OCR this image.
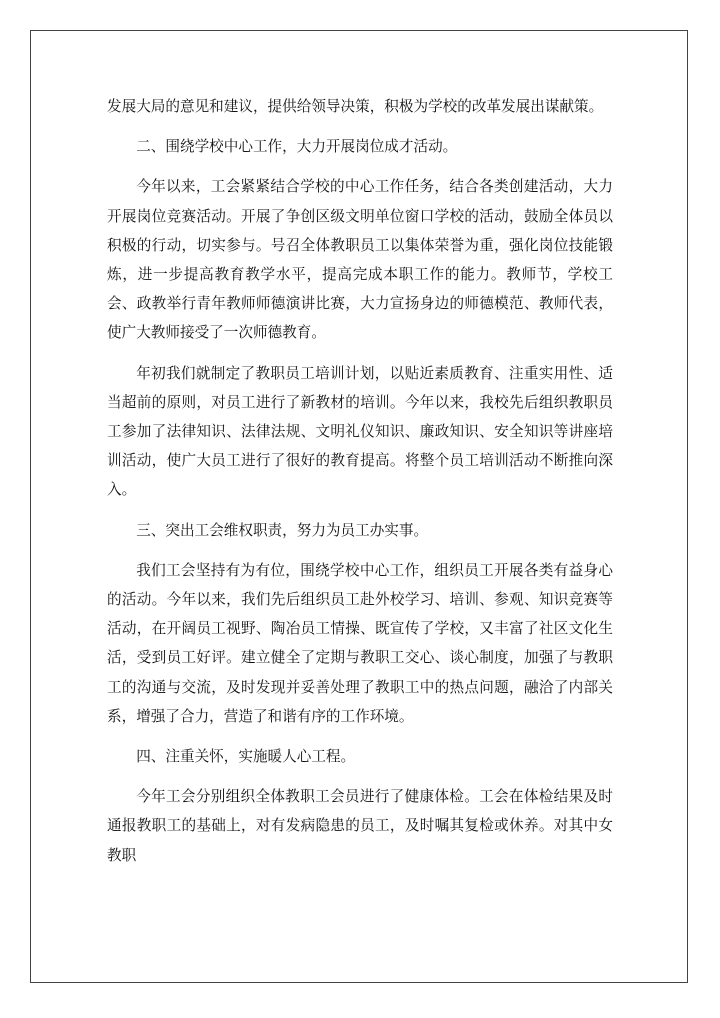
发展大局的意见和建议，提供给领导决策，积极为学校的改革发展出谋献策。

二、围绕学校中心工作，大力开展岗位成才活动。

今年以来，工会紧紧结合学校的中心工作任务，结合各类创建活动，大力开展岗位竞赛活动。开展了争创区级文明单位窗口学校的活动，鼓励全体员以积极的行动，切实参与。号召全体教职员工以集体荣誉为重，强化岗位技能锻炼，进一步提高教育教学水平，提高完成本职工作的能力。教师节，学校工会、政教举行青年教师师德演讲比赛，大力宣扬身边的师德模范、教师代表，使广大教师接受了一次师德教育。

年初我们就制定了教职员工培训计划，以贴近素质教育、注重实用性、适当超前的原则，对员工进行了新教材的培训。今年以来，我校先后组织教职员工参加了法律知识、法律法规、文明礼仪知识、廉政知识、安全知识等讲座培训活动，使广大员工进行了很好的教育提高。将整个员工培训活动不断推向深入。

三、突出工会维权职责，努力为员工办实事。

我们工会坚持有为有位，围绕学校中心工作，组织员工开展各类有益身心的活动。今年以来，我们先后组织员工赴外校学习、培训、参观、知识竞赛等活动，在开阔员工视野、陶冶员工情操、既宣传了学校，又丰富了社区文化生活，受到员工好评。建立健全了定期与教职工交心、谈心制度，加强了与教职工的沟通与交流，及时发现并妥善处理了教职工中的热点问题，融洽了内部关系，增强了合力，营造了和谐有序的工作环境。

四、注重关怀，实施暖人心工程。

今年工会分别组织全体教职工会员进行了健康体检。工会在体检结果及时通报教职工的基础上，对有发病隐患的员工，及时嘱其复检或休养。对其中女教职
